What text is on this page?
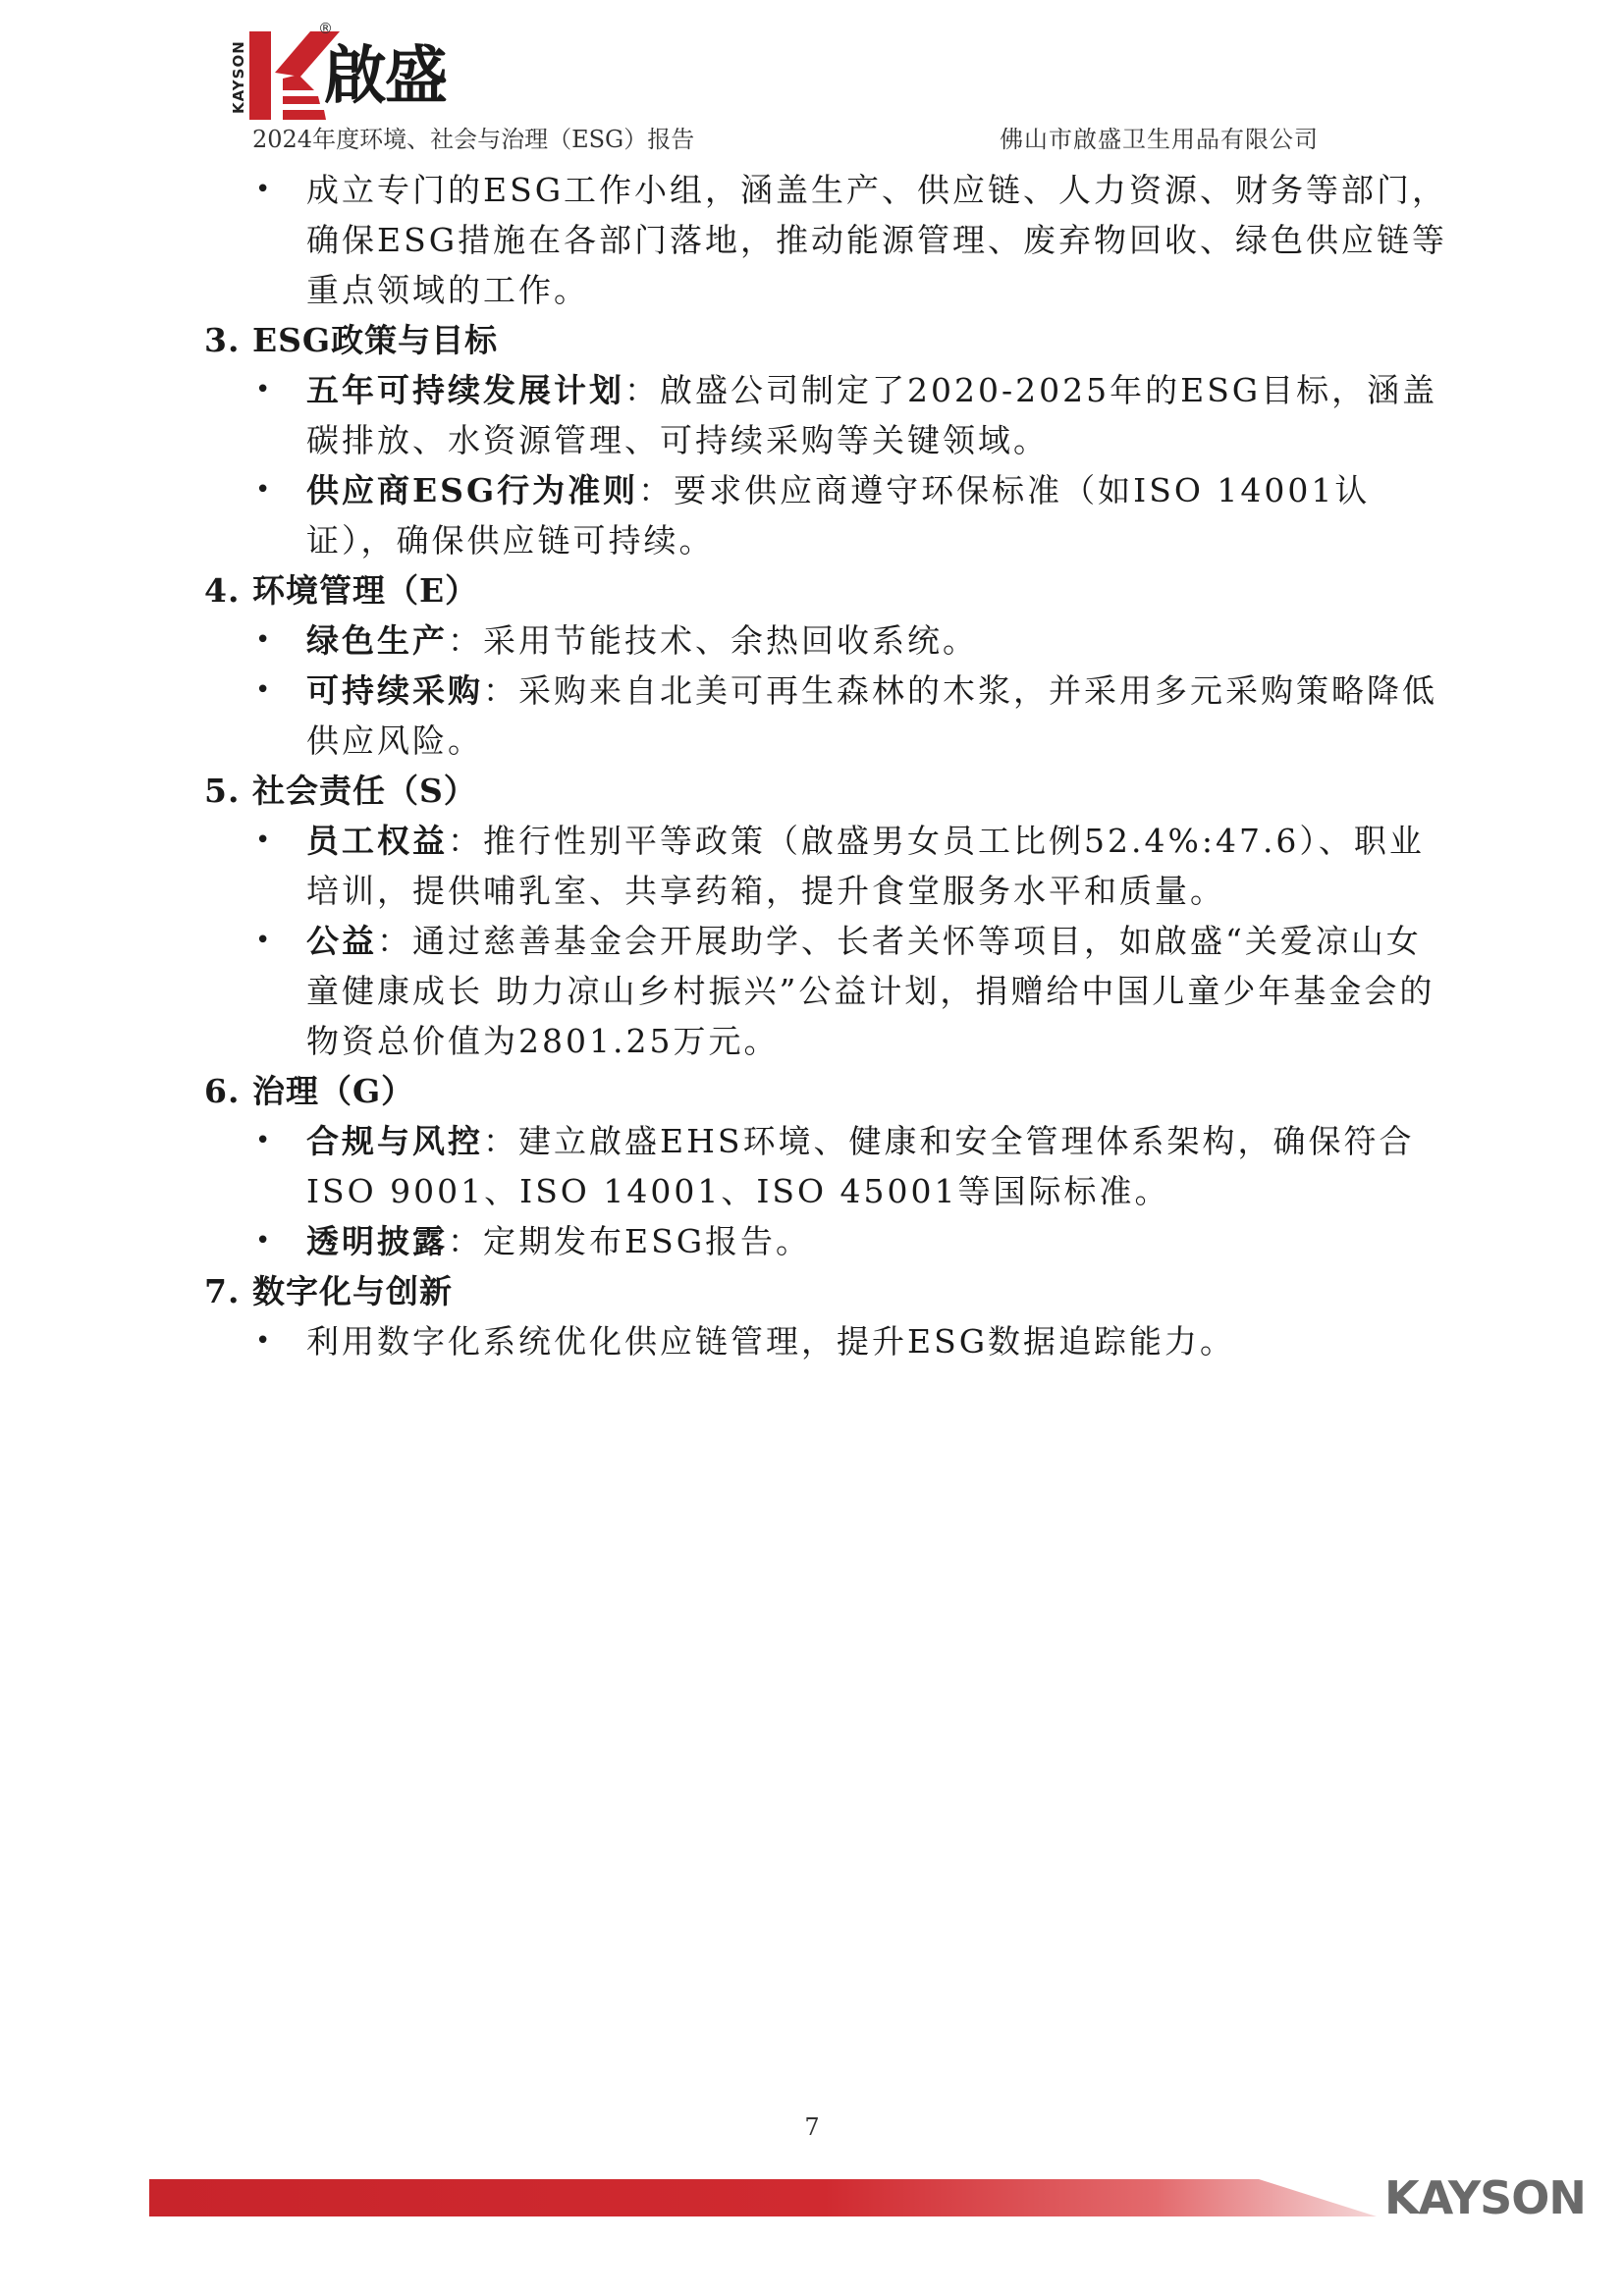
KAYSON
®
啟盛
2024年度环境、社会与治理（ESG）报告	佛山市啟盛卫生用品有限公司
• 成立专门的ESG工作小组，涵盖生产、供应链、人力资源、财务等部门，确保ESG措施在各部门落地，推动能源管理、废弃物回收、绿色供应链等重点领域的工作。
3. ESG政策与目标
• 五年可持续发展计划：啟盛公司制定了2020-2025年的ESG目标，涵盖碳排放、水资源管理、可持续采购等关键领域。
• 供应商ESG行为准则：要求供应商遵守环保标准（如ISO 14001认证），确保供应链可持续。
4. 环境管理（E）
• 绿色生产：采用节能技术、余热回收系统。
• 可持续采购：采购来自北美可再生森林的木浆，并采用多元采购策略降低供应风险。
5. 社会责任（S）
• 员工权益：推行性别平等政策（啟盛男女员工比例52.4%:47.6）、职业培训，提供哺乳室、共享药箱，提升食堂服务水平和质量。
• 公益：通过慈善基金会开展助学、长者关怀等项目，如啟盛“关爱凉山女童健康成长 助力凉山乡村振兴”公益计划，捐赠给中国儿童少年基金会的物资总价值为2801.25万元。
6. 治理（G）
• 合规与风控：建立啟盛EHS环境、健康和安全管理体系架构，确保符合ISO 9001、ISO 14001、ISO 45001等国际标准。
• 透明披露：定期发布ESG报告。
7. 数字化与创新
• 利用数字化系统优化供应链管理，提升ESG数据追踪能力。
7
KAYSON
